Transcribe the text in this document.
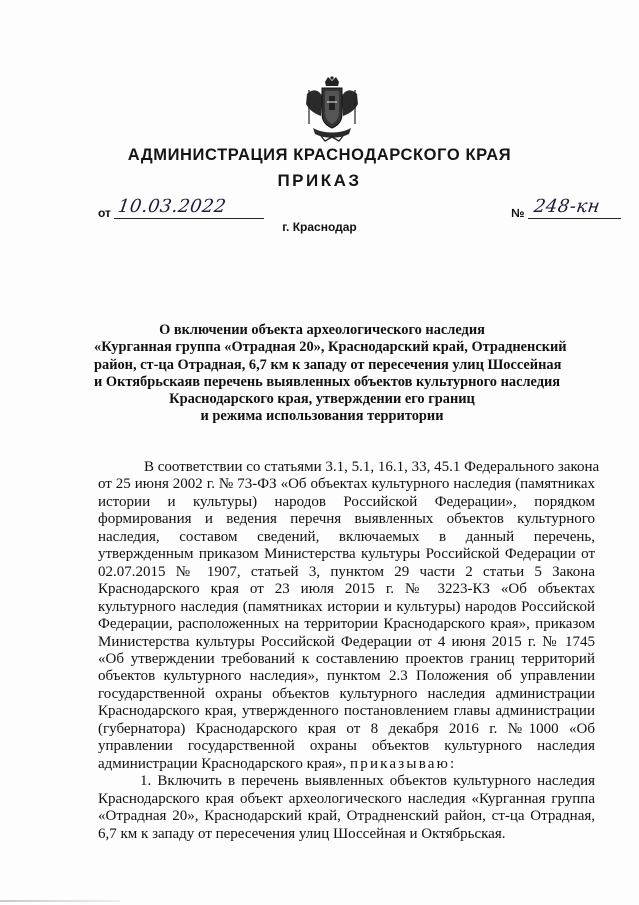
АДМИНИСТРАЦИЯ КРАСНОДАРСКОГО КРАЯ
ПРИКАЗ
от 10.03.2022	№ 248-кн
г. Краснодар
О включении объекта археологического наследия
«Курганная группа «Отрадная 20», Краснодарский край, Отрадненский
район, ст-ца Отрадная, 6,7 км к западу от пересечения улиц Шоссейная
и Октябрьскаяв перечень выявленных объектов культурного наследия
Краснодарского края, утверждении его границ
и режима использования территории
В соответствии со статьями 3.1, 5.1, 16.1, 33, 45.1 Федерального закона
от 25 июня 2002 г. № 73-ФЗ «Об объектах культурного наследия (памятниках
истории и культуры) народов Российской Федерации», порядком
формирования и ведения перечня выявленных объектов культурного
наследия, составом сведений, включаемых в данный перечень,
утвержденным приказом Министерства культуры Российской Федерации от
02.07.2015 № 1907, статьей 3, пунктом 29 части 2 статьи 5 Закона
Краснодарского края от 23 июля 2015 г. № 3223-КЗ «Об объектах
культурного наследия (памятниках истории и культуры) народов Российской
Федерации, расположенных на территории Краснодарского края», приказом
Министерства культуры Российской Федерации от 4 июня 2015 г. № 1745
«Об утверждении требований к составлению проектов границ территорий
объектов культурного наследия», пунктом 2.3 Положения об управлении
государственной охраны объектов культурного наследия администрации
Краснодарского края, утвержденного постановлением главы администрации
(губернатора) Краснодарского края от 8 декабря 2016 г. №1000 «Об
управлении государственной охраны объектов культурного наследия
администрации Краснодарского края», приказываю:
1. Включить в перечень выявленных объектов культурного наследия
Краснодарского края объект археологического наследия «Курганная группа
«Отрадная 20», Краснодарский край, Отрадненский район, ст-ца Отрадная,
6,7 км к западу от пересечения улиц Шоссейная и Октябрьская.
